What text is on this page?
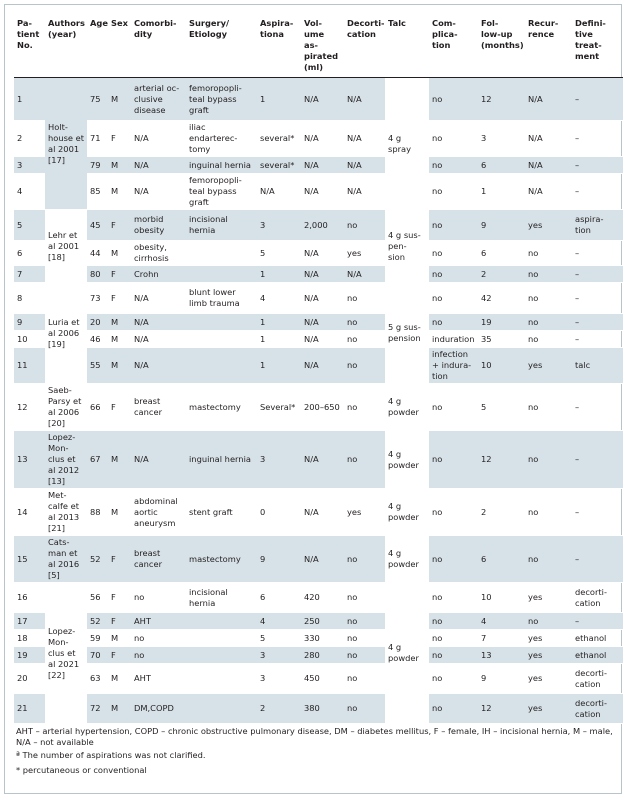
Pa-
tient
No.	Authors
(year)	Age	Sex	Comorbi-
dity	Surgery/
Etiology	Aspira-
tiona	Vol-
ume as-
pirated
(ml)	Decorti-
cation	Talc	Com-
plica-
tion	Fol-
low-up
(months)	Recur-
rence	Defini-
tive
treat-
ment
1	Holt-
house et
al 2001
[17]	75	M	arterial oc-
clusive
disease	femoropopli-
teal bypass
graft	1	N/A	N/A	4 g
spray	no	12	N/A	–
2		71	F	N/A	iliac endarterec-
tomy	several*	N/A	N/A		no	3	N/A	–
3		79	M	N/A	inguinal hernia	several*	N/A	N/A		no	6	N/A	–
4		85	M	N/A	femoropopli-
teal bypass
graft	N/A	N/A	N/A		no	1	N/A	–
5	Lehr et
al 2001
[18]	45	F	morbid
obesity	incisional
hernia	3	2,000	no	4 g sus-
pen-
sion	no	9	yes	aspira-
tion
6		44	M	obesity,
cirrhosis		5	N/A	yes		no	6	no	–
7		80	F	Crohn		1	N/A	N/A		no	2	no	–
8	Luria et
al 2006
[19]	73	F	N/A	blunt lower
limb trauma	4	N/A	no	5 g sus-
pension	no	42	no	–
9		20	M	N/A		1	N/A	no		no	19	no	–
10		46	M	N/A		1	N/A	no		induration	35	no	–
11		55	M	N/A		1	N/A	no		infection
+ indura-
tion	10	yes	talc
12	Saeb-
Parsy et
al 2006
[20]	66	F	breast
cancer	mastectomy	Several*	200–650	no	4 g
powder	no	5	no	–
13	Lopez-
Mon-
clus et
al 2012
[13]	67	M	N/A	inguinal hernia	3	N/A	no	4 g
powder	no	12	no	–
14	Met-
calfe et
al 2013
[21]	88	M	abdominal
aortic
aneurysm	stent graft	0	N/A	yes	4 g
powder	no	2	no	–
15	Cats-
man et
al 2016
[5]	52	F	breast
cancer	mastectomy	9	N/A	no	4 g
powder	no	6	no	–
16	Lopez-
Mon-
clus et
al 2021
[22]	56	F	no	incisional
hernia	6	420	no	4 g
powder	no	10	yes	decorti-
cation
17		52	F	AHT		4	250	no		no	4	no	–
18		59	M	no		5	330	no		no	7	yes	ethanol
19		70	F	no		3	280	no		no	13	yes	ethanol
20		63	M	AHT		3	450	no		no	9	yes	decorti-
cation
21		72	M	DM,COPD		2	380	no		no	12	yes	decorti-
cation
AHT – arterial hypertension, COPD – chronic obstructive pulmonary disease, DM – diabetes mellitus, F – female, IH – incisional hernia, M – male,
N/A – not available
ª The number of aspirations was not clarified.
* percutaneous or conventional
